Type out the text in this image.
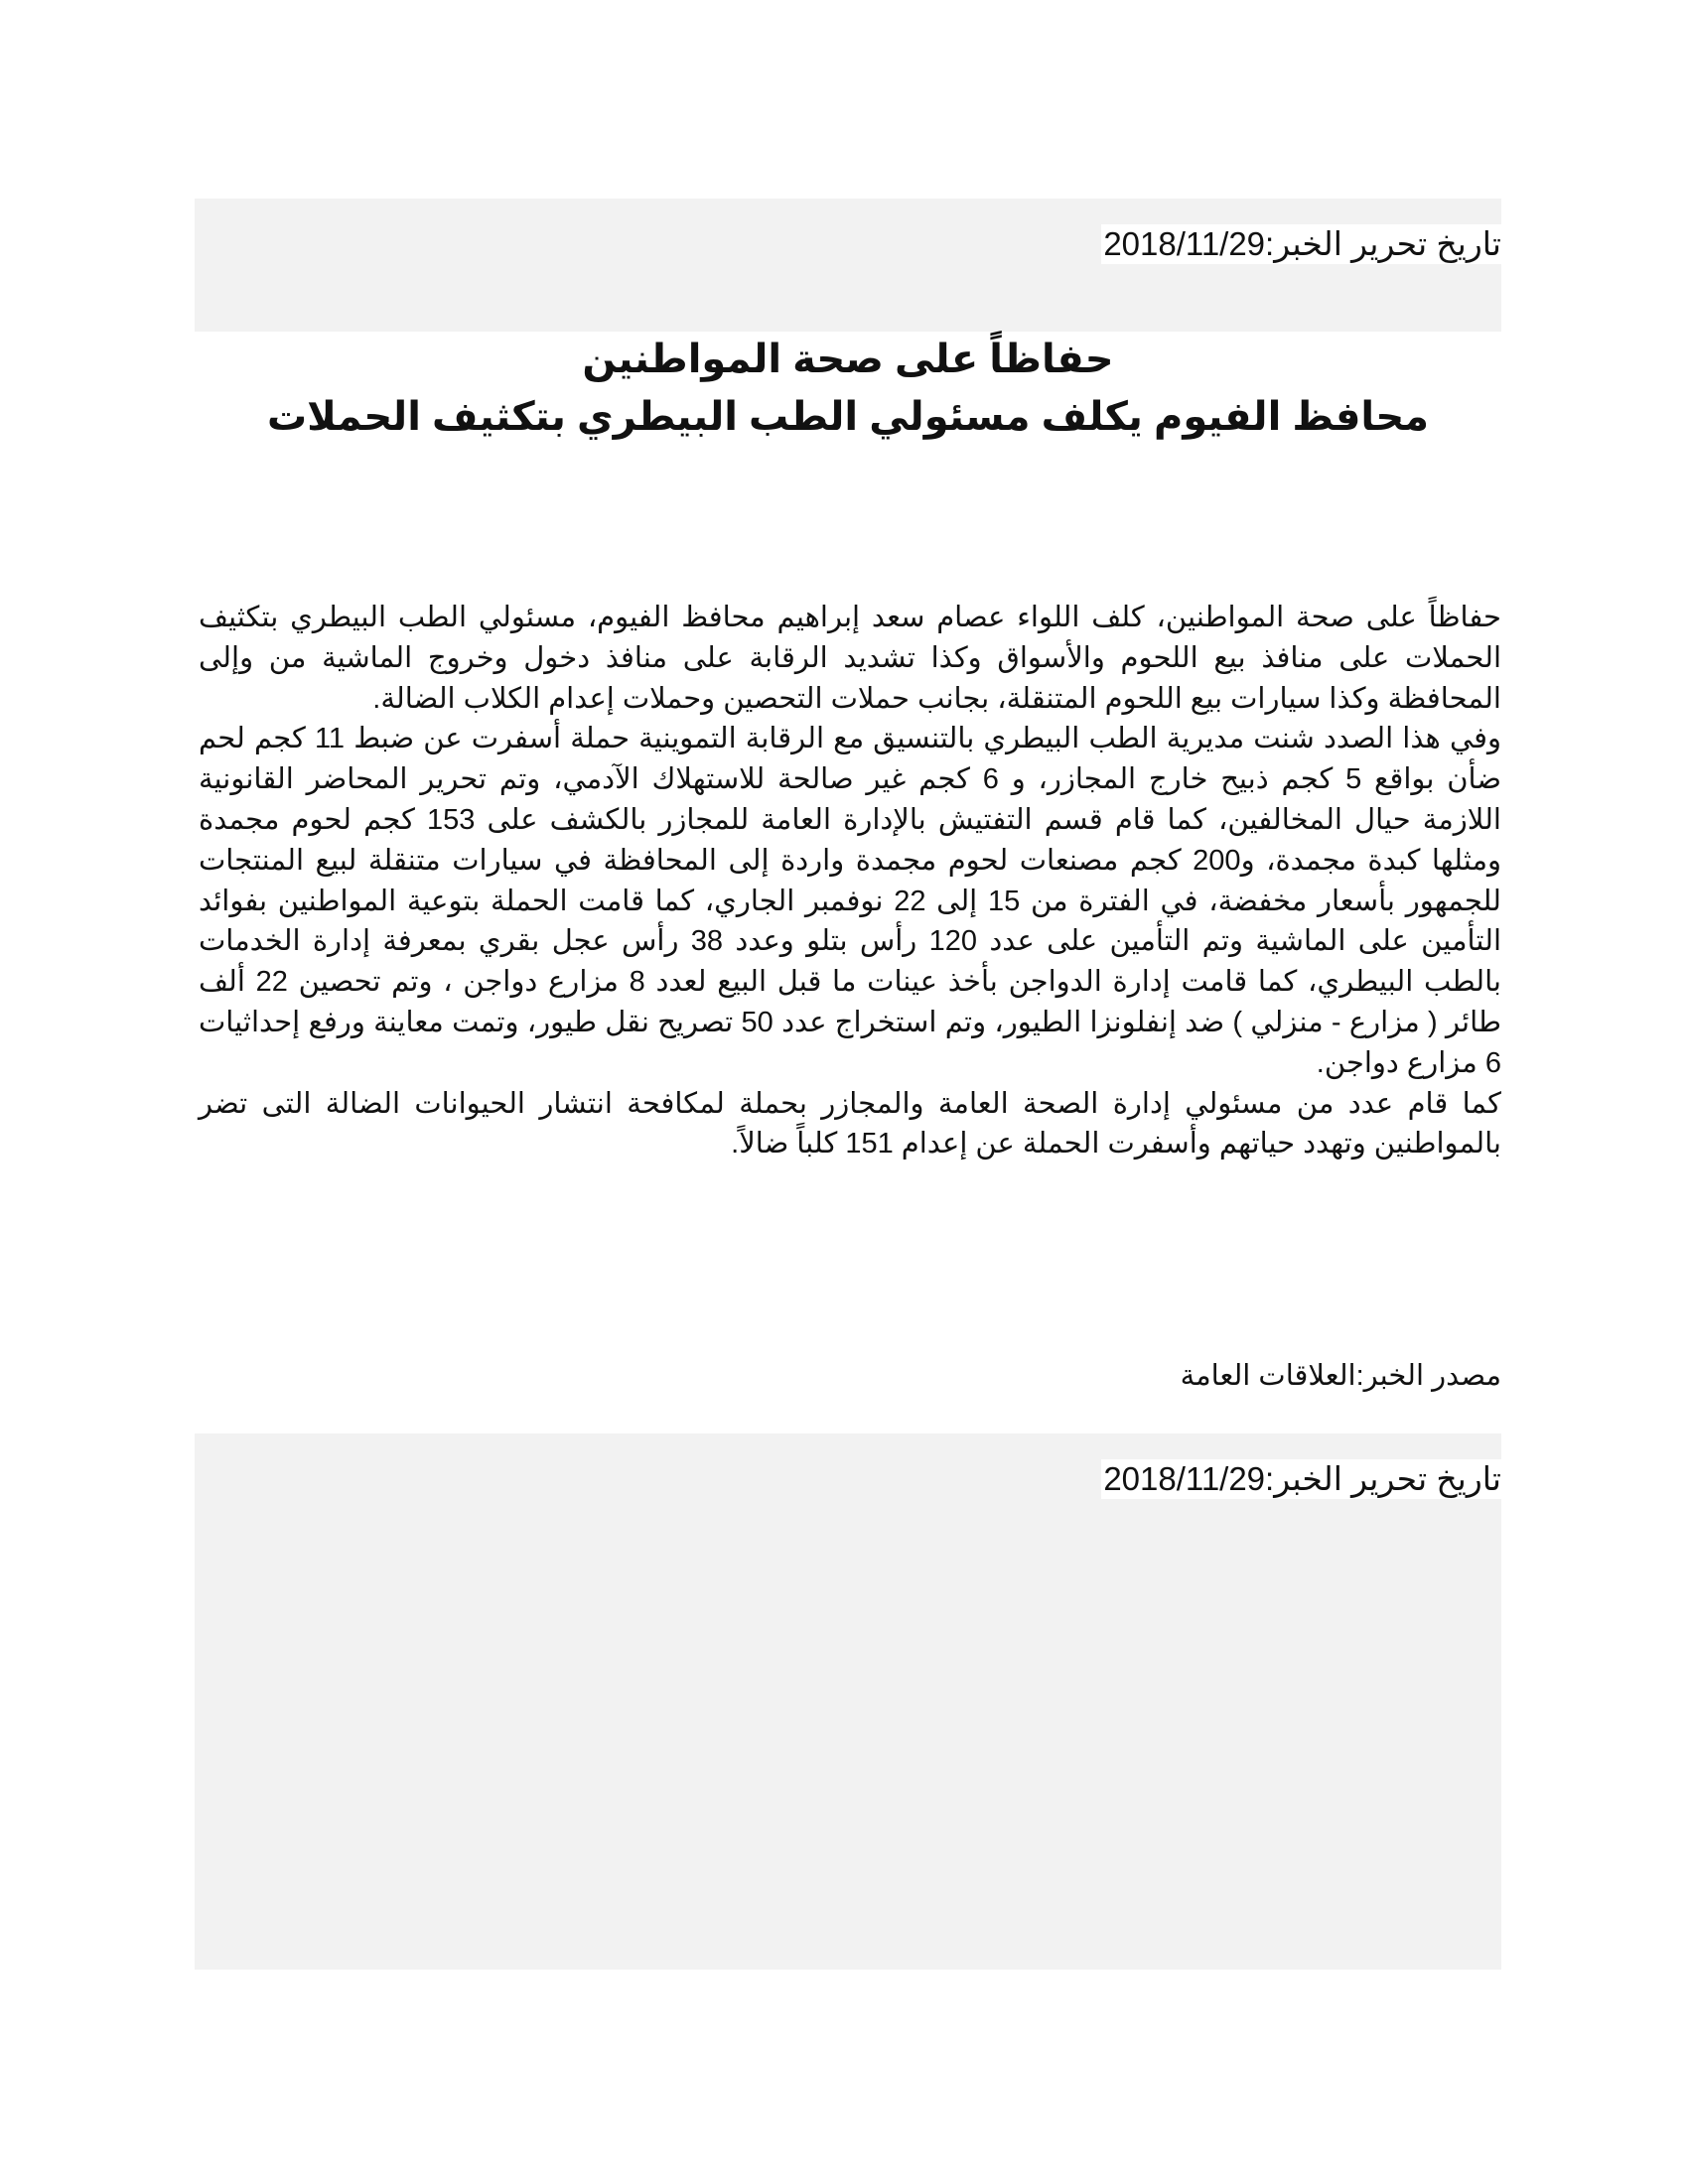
تاريخ تحرير الخبر:2018/11/29
حفاظاً على صحة المواطنين
محافظ الفيوم يكلف مسئولي الطب البيطري بتكثيف الحملات

حفاظاً على صحة المواطنين، كلف اللواء عصام سعد إبراهيم محافظ الفيوم، مسئولي الطب البيطري بتكثيف الحملات على منافذ بيع اللحوم والأسواق وكذا تشديد الرقابة على منافذ دخول وخروج الماشية من وإلى المحافظة وكذا سيارات بيع اللحوم المتنقلة، بجانب حملات التحصين وحملات إعدام الكلاب الضالة.

وفي هذا الصدد شنت مديرية الطب البيطري بالتنسيق مع الرقابة التموينية حملة أسفرت عن ضبط 11 كجم لحم ضأن بواقع 5 كجم ذبيح خارج المجازر، و 6 كجم غير صالحة للاستهلاك الآدمي، وتم تحرير المحاضر القانونية اللازمة حيال المخالفين، كما قام قسم التفتيش بالإدارة العامة للمجازر بالكشف على 153 كجم لحوم مجمدة ومثلها كبدة مجمدة، و200 كجم مصنعات لحوم مجمدة واردة إلى المحافظة في سيارات متنقلة لبيع المنتجات للجمهور بأسعار مخفضة، في الفترة من 15 إلى 22 نوفمبر الجاري، كما قامت الحملة بتوعية المواطنين بفوائد التأمين على الماشية وتم التأمين على عدد 120 رأس بتلو وعدد 38 رأس عجل بقري بمعرفة إدارة الخدمات بالطب البيطري، كما قامت إدارة الدواجن بأخذ عينات ما قبل البيع لعدد 8 مزارع دواجن ، وتم تحصين 22 ألف طائر ( مزارع - منزلي ) ضد إنفلونزا الطيور، وتم استخراج عدد 50 تصريح نقل طيور، وتمت معاينة ورفع إحداثيات 6 مزارع دواجن.

كما قام عدد من مسئولي إدارة الصحة العامة والمجازر بحملة لمكافحة انتشار الحيوانات الضالة التى تضر بالمواطنين وتهدد حياتهم وأسفرت الحملة عن إعدام 151 كلباً ضالاً.

مصدر الخبر:العلاقات العامة
تاريخ تحرير الخبر:2018/11/29
